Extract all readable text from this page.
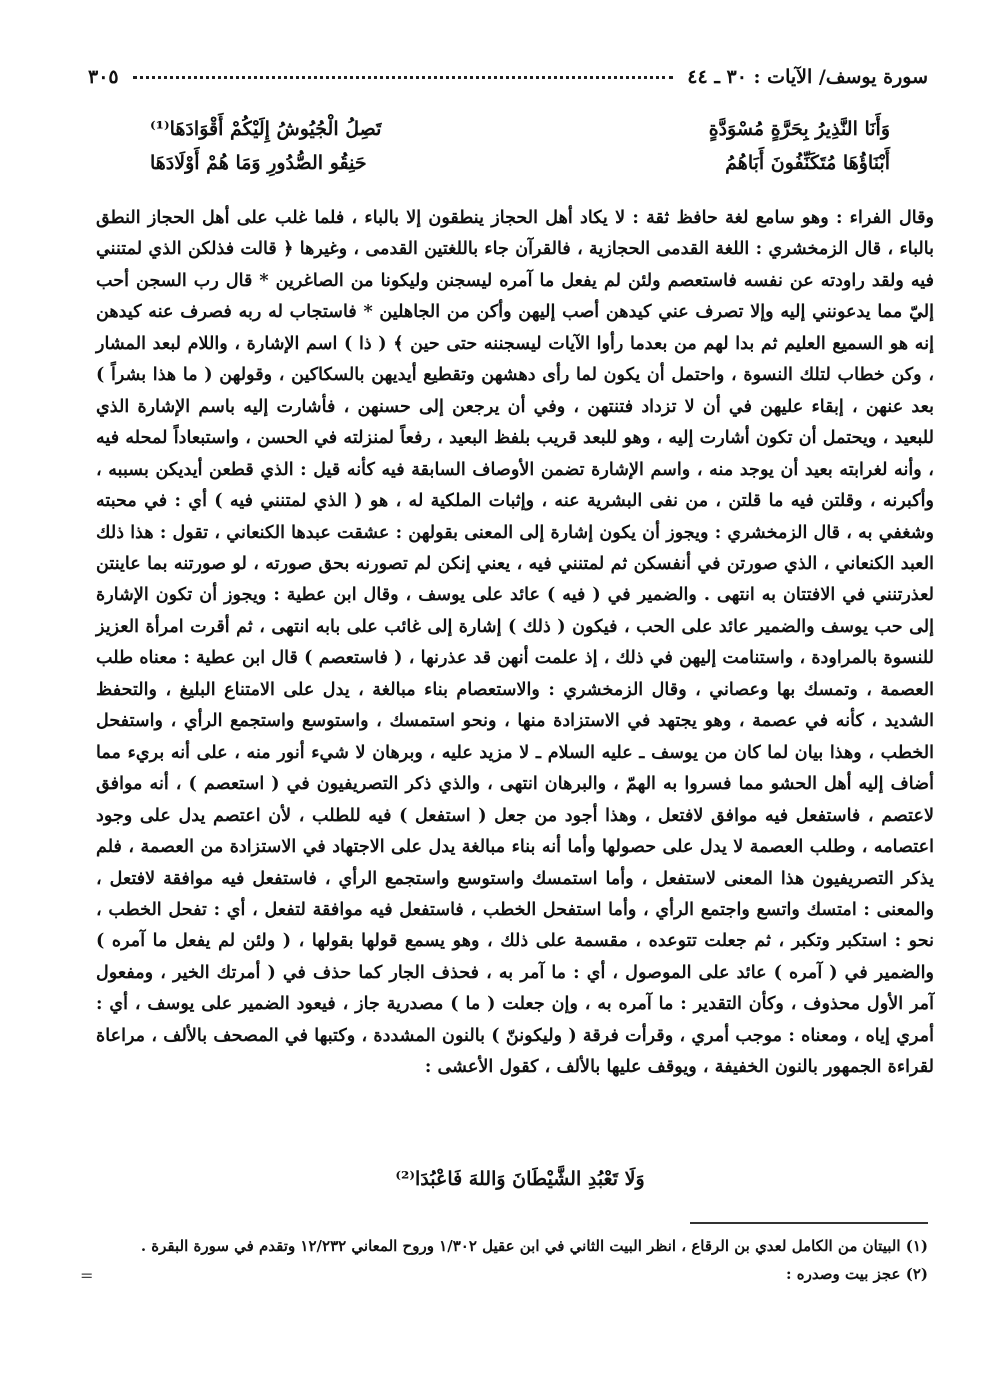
سورة يوسف/ الآيات : ٣٠ ـ ٤٤
٣٠٥
وَأَنَا النَّذِيرُ بِحَرَّةٍ مُسْوَدَّةٍ
تَصِلُ الْجُيُوشُ إِلَيْكُمْ أَقْوَادَهَا⁽¹⁾
أَبْنَاؤُهَا مُتَكَنِّفُونَ أَبَاهُمُ
حَنِقُو الصُّدُورِ وَمَا هُمْ أَوْلَادَهَا

وقال الفراء : وهو سامع لغة حافظ ثقة : لا يكاد أهل الحجاز ينطقون إلا بالباء ، فلما غلب على أهل الحجاز النطق بالباء ، قال الزمخشري : اللغة القدمى الحجازية ، فالقرآن جاء باللغتين القدمى ، وغيرها ﴿ قالت فذلكن الذي لمتنني فيه ولقد راودته عن نفسه فاستعصم ولئن لم يفعل ما آمره ليسجنن وليكونا من الصاغرين * قال رب السجن أحب إليّ مما يدعونني إليه وإلا تصرف عني كيدهن أصب إليهن وأكن من الجاهلين * فاستجاب له ربه فصرف عنه كيدهن إنه هو السميع العليم ثم بدا لهم من بعدما رأوا الآيات ليسجننه حتى حين ﴾ ( ذا ) اسم الإشارة ، واللام لبعد المشار ، وكن خطاب لتلك النسوة ، واحتمل أن يكون لما رأى دهشهن وتقطيع أيديهن بالسكاكين ، وقولهن ( ما هذا بشراً ) بعد عنهن ، إبقاء عليهن في أن لا تزداد فتنتهن ، وفي أن يرجعن إلى حسنهن ، فأشارت إليه باسم الإشارة الذي للبعيد ، ويحتمل أن تكون أشارت إليه ، وهو للبعد قريب بلفظ البعيد ، رفعاً لمنزلته في الحسن ، واستبعاداً لمحله فيه ، وأنه لغرابته بعيد أن يوجد منه ، واسم الإشارة تضمن الأوصاف السابقة فيه كأنه قيل : الذي قطعن أيديكن بسببه ، وأكبرنه ، وقلتن فيه ما قلتن ، من نفى البشرية عنه ، وإثبات الملكية له ، هو ( الذي لمتنني فيه ) أي : في محبته وشغفي به ، قال الزمخشري : ويجوز أن يكون إشارة إلى المعنى بقولهن : عشقت عبدها الكنعاني ، تقول : هذا ذلك العبد الكنعاني ، الذي صورتن في أنفسكن ثم لمتنني فيه ، يعني إنكن لم تصورنه بحق صورته ، لو صورتنه بما عاينتن لعذرتنني في الافتتان به انتهى . والضمير في ( فيه ) عائد على يوسف ، وقال ابن عطية : ويجوز أن تكون الإشارة إلى حب يوسف والضمير عائد على الحب ، فيكون ( ذلك ) إشارة إلى غائب على بابه انتهى ، ثم أقرت امرأة العزيز للنسوة بالمراودة ، واستنامت إليهن في ذلك ، إذ علمت أنهن قد عذرنها ، ( فاستعصم ) قال ابن عطية : معناه طلب العصمة ، وتمسك بها وعصاني ، وقال الزمخشري : والاستعصام بناء مبالغة ، يدل على الامتناع البليغ ، والتحفظ الشديد ، كأنه في عصمة ، وهو يجتهد في الاستزادة منها ، ونحو استمسك ، واستوسع واستجمع الرأي ، واستفحل الخطب ، وهذا بيان لما كان من يوسف ـ عليه السلام ـ لا مزيد عليه ، وبرهان لا شيء أنور منه ، على أنه بريء مما أضاف إليه أهل الحشو مما فسروا به الهمّ ، والبرهان انتهى ، والذي ذكر التصريفيون في ( استعصم ) ، أنه موافق لاعتصم ، فاستفعل فيه موافق لافتعل ، وهذا أجود من جعل ( استفعل ) فيه للطلب ، لأن اعتصم يدل على وجود اعتصامه ، وطلب العصمة لا يدل على حصولها وأما أنه بناء مبالغة يدل على الاجتهاد في الاستزادة من العصمة ، فلم يذكر التصريفيون هذا المعنى لاستفعل ، وأما استمسك واستوسع واستجمع الرأي ، فاستفعل فيه موافقة لافتعل ، والمعنى : امتسك واتسع واجتمع الرأي ، وأما استفحل الخطب ، فاستفعل فيه موافقة لتفعل ، أي : تفحل الخطب ، نحو : استكبر وتكبر ، ثم جعلت تتوعده ، مقسمة على ذلك ، وهو يسمع قولها بقولها ، ( ولئن لم يفعل ما آمره ) والضمير في ( آمره ) عائد على الموصول ، أي : ما آمر به ، فحذف الجار كما حذف في ( أمرتك الخير ، ومفعول آمر الأول محذوف ، وكأن التقدير : ما آمره به ، وإن جعلت ( ما ) مصدرية جاز ، فيعود الضمير على يوسف ، أي : أمري إياه ، ومعناه : موجب أمري ، وقرأت فرقة ( وليكوننّ ) بالنون المشددة ، وكتبها في المصحف بالألف ، مراعاة لقراءة الجمهور بالنون الخفيفة ، ويوقف عليها بالألف ، كقول الأعشى :

وَلَا تَعْبُدِ الشَّيْطَانَ وَاللهَ فَاعْبُدَا⁽²⁾
(١) البيتان من الكامل لعدي بن الرقاع ، انظر البيت الثاني في ابن عقيل ١/٣٠٢ وروح المعاني ١٢/٢٣٢ وتقدم في سورة البقرة .
(٢) عجز بيت وصدره :
=
